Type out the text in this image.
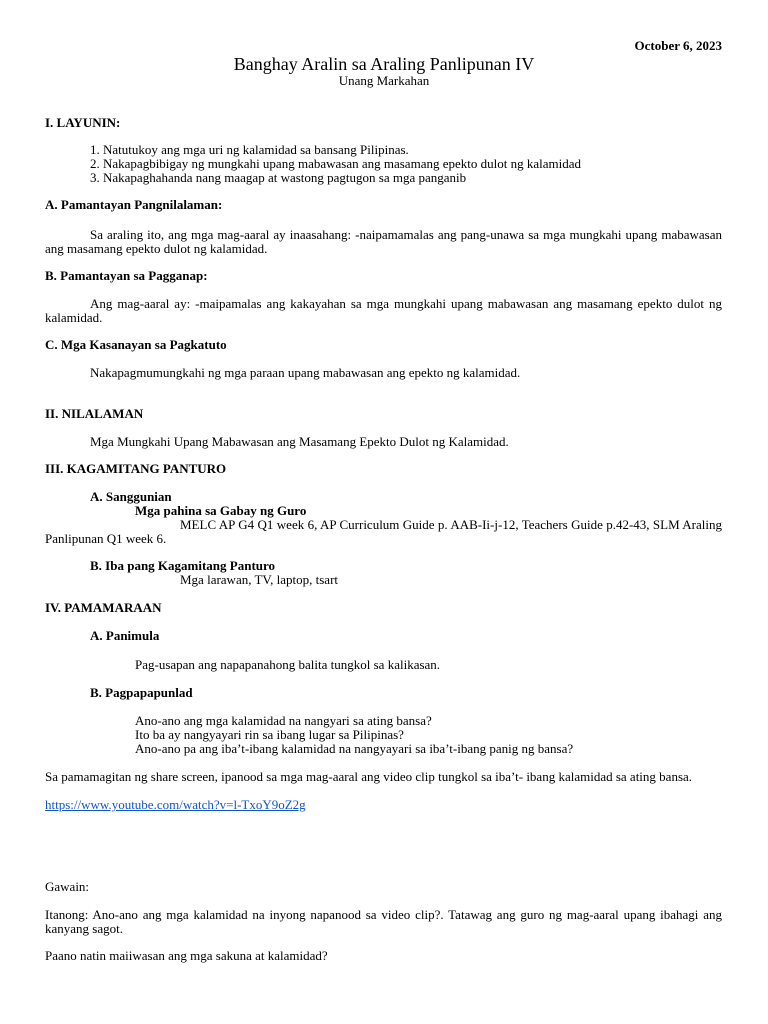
October 6, 2023
Banghay Aralin sa Araling Panlipunan IV
Unang Markahan
I. LAYUNIN:
1. Natutukoy ang mga uri ng kalamidad sa bansang Pilipinas.
2. Nakapagbibigay ng mungkahi upang mabawasan ang masamang epekto dulot ng kalamidad
3. Nakapaghahanda nang maagap at wastong pagtugon sa mga panganib
A. Pamantayan Pangnilalaman:
Sa araling ito, ang mga mag-aaral ay inaasahang: -naipamamalas ang pang-unawa sa mga mungkahi upang mabawasan ang masamang epekto dulot ng kalamidad.
B. Pamantayan sa Pagganap:
Ang mag-aaral ay: -maipamalas ang kakayahan sa mga mungkahi upang mabawasan ang masamang epekto dulot ng kalamidad.
C. Mga Kasanayan sa Pagkatuto
Nakapagmumungkahi ng mga paraan upang mabawasan ang epekto ng kalamidad.
II. NILALAMAN
Mga Mungkahi Upang Mabawasan ang Masamang Epekto Dulot ng Kalamidad.
III. KAGAMITANG PANTURO
A. Sanggunian
Mga pahina sa Gabay ng Guro
MELC AP G4 Q1 week 6, AP Curriculum Guide p. AAB-Ii-j-12, Teachers Guide p.42-43, SLM Araling Panlipunan Q1 week 6.
B. Iba pang Kagamitang Panturo
Mga larawan, TV, laptop, tsart
IV. PAMAMARAAN
A. Panimula
Pag-usapan ang napapanahong balita tungkol sa kalikasan.
B. Pagpapapunlad
Ano-ano ang mga kalamidad na nangyari sa ating bansa?
Ito ba ay nangyayari rin sa ibang lugar sa Pilipinas?
Ano-ano pa ang iba’t-ibang kalamidad na nangyayari sa iba’t-ibang panig ng bansa?
Sa pamamagitan ng share screen, ipanood sa mga mag-aaral ang video clip tungkol sa iba’t- ibang kalamidad sa ating bansa.
https://www.youtube.com/watch?v=l-TxoY9oZ2g
Gawain:
Itanong: Ano-ano ang mga kalamidad na inyong napanood sa video clip?. Tatawag ang guro ng mag-aaral upang ibahagi ang kanyang sagot.
Paano natin maiiwasan ang mga sakuna at kalamidad?
